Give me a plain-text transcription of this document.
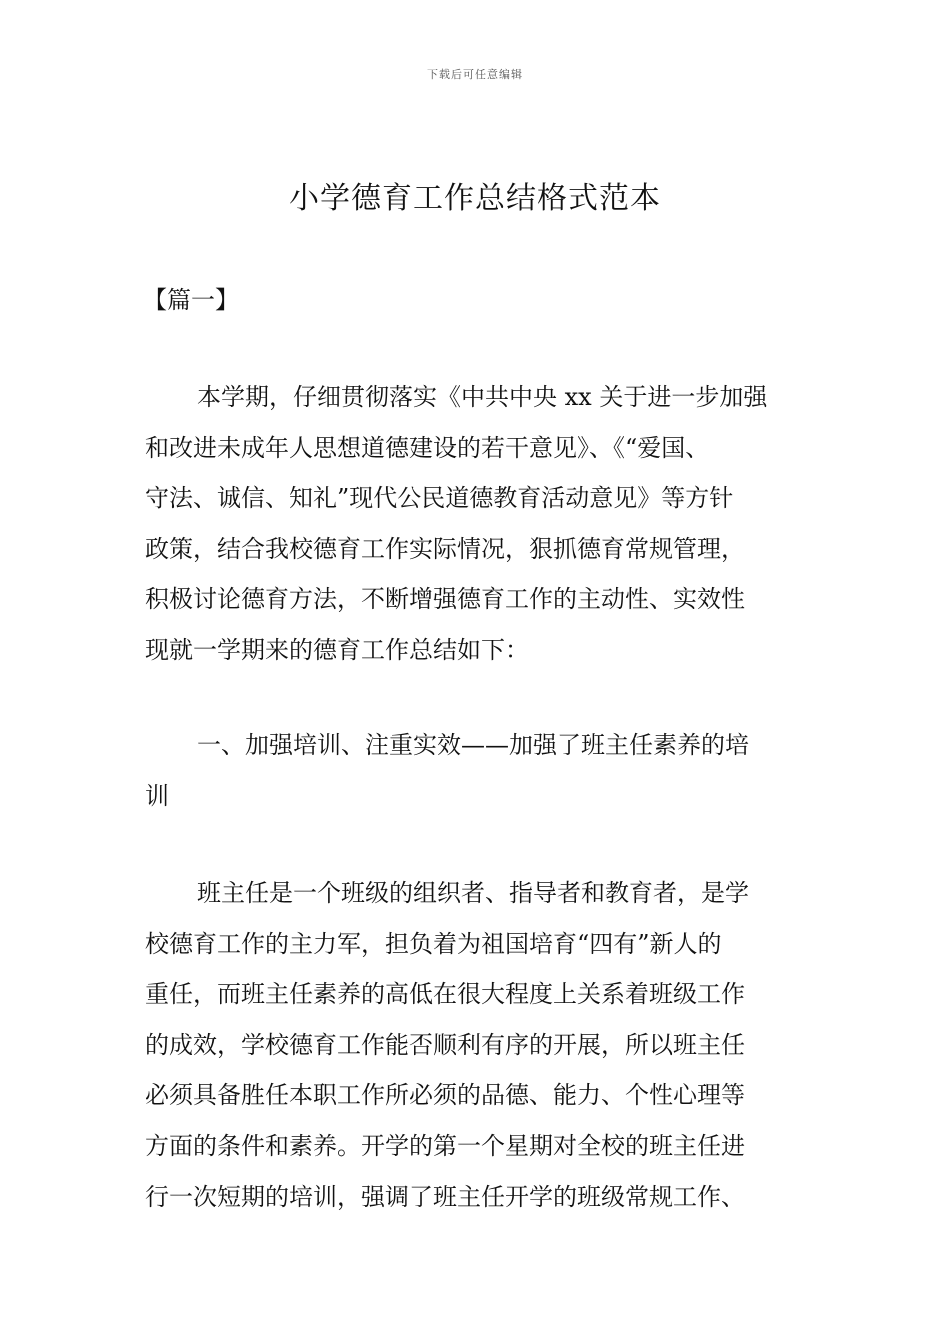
下载后可任意编辑
小学德育工作总结格式范本
【篇一】
本学期，仔细贯彻落实《中共中央 xx 关于进一步加强
和改进未成年人思想道德建设的若干意见》、《“爱国、
守法、诚信、知礼”现代公民道德教育活动意见》等方针
政策，结合我校德育工作实际情况，狠抓德育常规管理，
积极讨论德育方法，不断增强德育工作的主动性、实效性
现就一学期来的德育工作总结如下：
一、加强培训、注重实效——加强了班主任素养的培
训
班主任是一个班级的组织者、指导者和教育者，是学
校德育工作的主力军，担负着为祖国培育“四有”新人的
重任，而班主任素养的高低在很大程度上关系着班级工作
的成效，学校德育工作能否顺利有序的开展，所以班主任
必须具备胜任本职工作所必须的品德、能力、个性心理等
方面的条件和素养。开学的第一个星期对全校的班主任进
行一次短期的培训，强调了班主任开学的班级常规工作、
